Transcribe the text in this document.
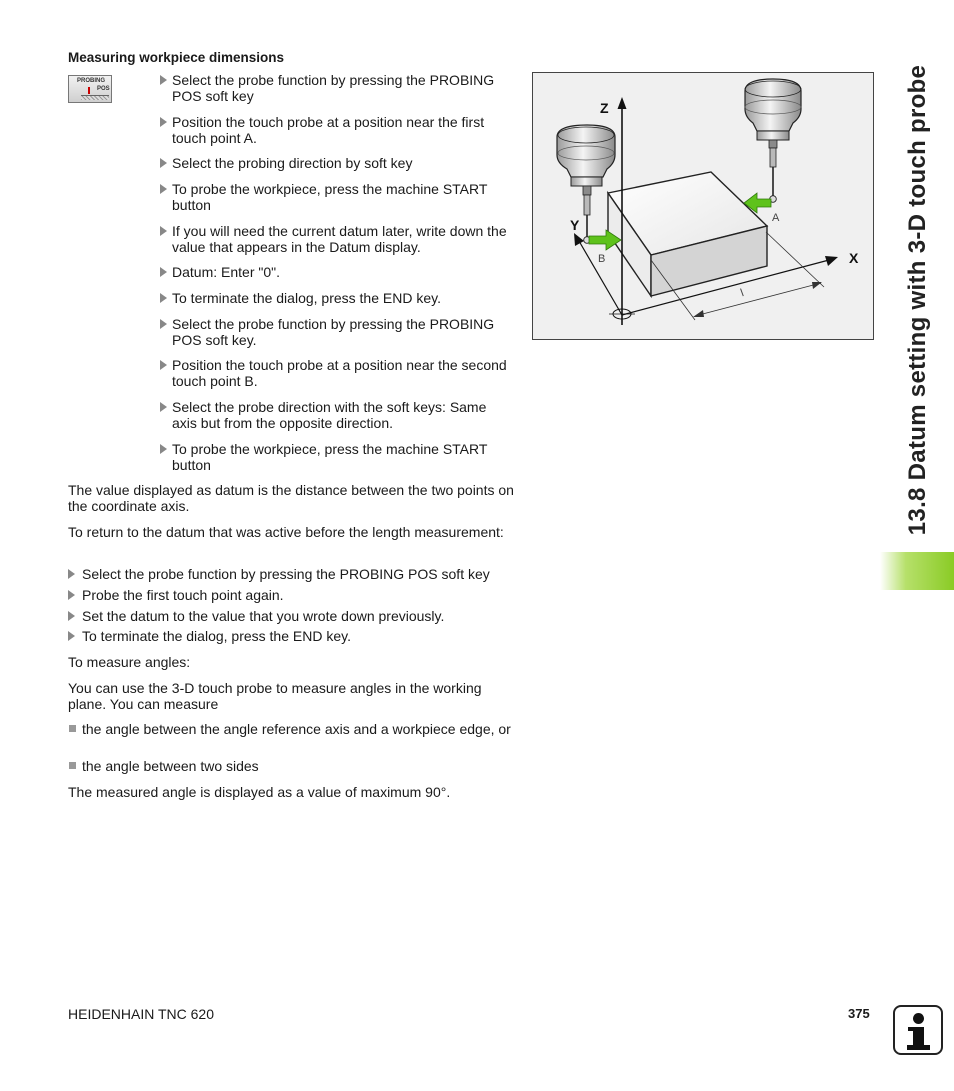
Measuring workpiece dimensions
PROBING
POS
Select the probe function by pressing the PROBING POS soft key
Position the touch probe at a position near the first touch point A.
Select the probing direction by soft key
To probe the workpiece, press the machine START button
If you will need the current datum later, write down the value that appears in the Datum display.
Datum: Enter "0".
To terminate the dialog, press the END key.
Select the probe function by pressing the PROBING POS soft key.
Position the touch probe at a position near the second touch point B.
Select the probe direction with the soft keys: Same axis but from the opposite direction.
To probe the workpiece, press the machine START button
The value displayed as datum is the distance between the two points on the coordinate axis.
To return to the datum that was active before the length measurement:
Select the probe function by pressing the PROBING POS soft key
Probe the first touch point again.
Set the datum to the value that you wrote down previously.
To terminate the dialog, press the END key.
To measure angles:
You can use the 3-D touch probe to measure angles in the working plane. You can measure
the angle between the angle reference axis and a workpiece edge, or
the angle between two sides
The measured angle is displayed as a value of maximum 90°.
Z
Y
X
A
B
l	13.8 Datum setting with 3-D touch probe
HEIDENHAIN TNC 620	375
